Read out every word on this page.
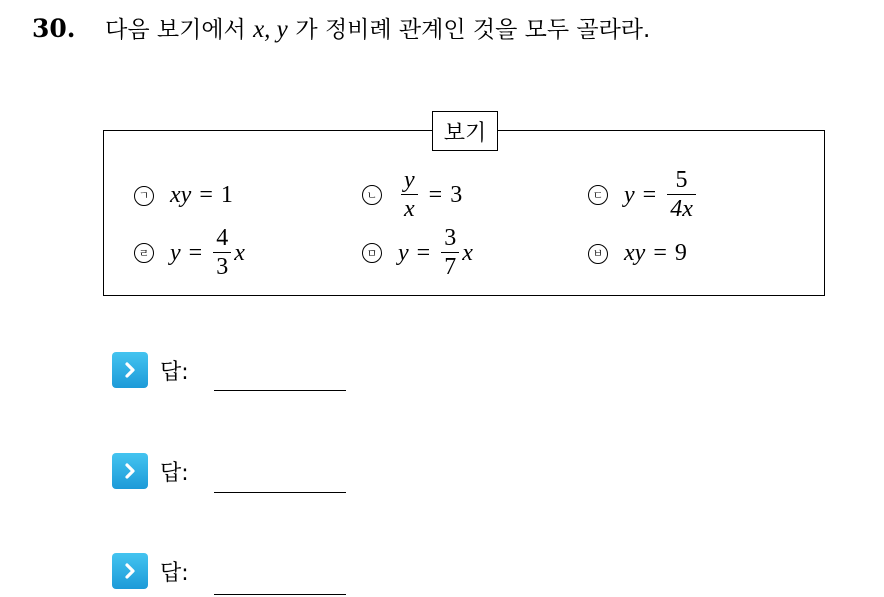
30. 다음 보기에서 x, y 가 정비례 관계인 것을 모두 골라라.
보기
ㄱ xy = 1	ㄴ $\frac{y}{x} = 3$	ㄷ $y = \frac{5}{4x}$
ㄹ $y = \frac{4}{3}$ x	ㅁ $y = \frac{3}{7}$ x	ㅂ xy = 9
답:
답:
답:
